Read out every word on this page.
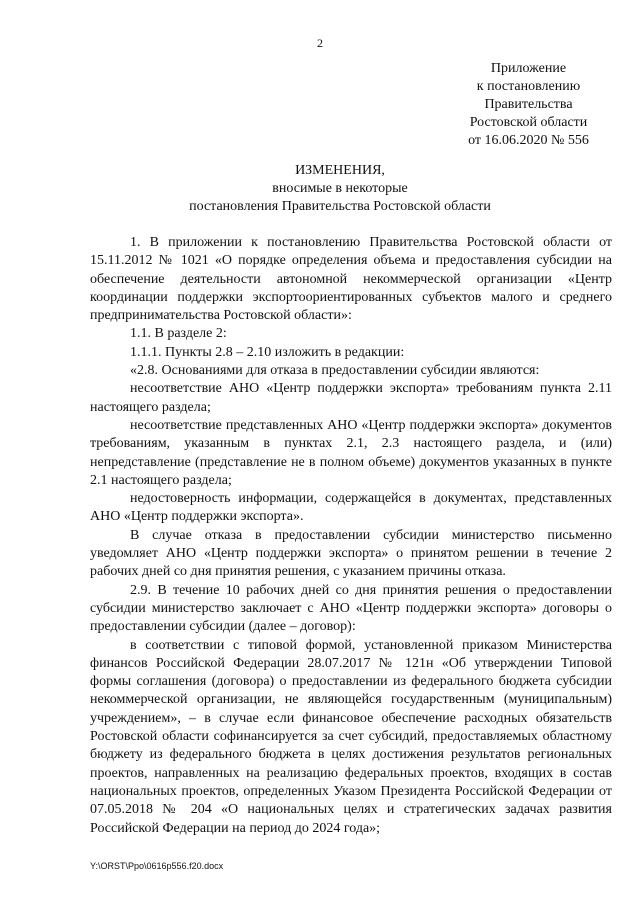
2
Приложение
к постановлению
Правительства
Ростовской области
от 16.06.2020 № 556
ИЗМЕНЕНИЯ,
вносимые в некоторые
постановления Правительства Ростовской области

1. В приложении к постановлению Правительства Ростовской области от 15.11.2012 № 1021 «О порядке определения объема и предоставления субсидии на обеспечение деятельности автономной некоммерческой организации «Центр координации поддержки экспортоориентированных субъектов малого и среднего предпринимательства Ростовской области»:

1.1. В разделе 2:

1.1.1. Пункты 2.8 – 2.10 изложить в редакции:

«2.8. Основаниями для отказа в предоставлении субсидии являются:

несоответствие АНО «Центр поддержки экспорта» требованиям пункта 2.11 настоящего раздела;

несоответствие представленных АНО «Центр поддержки экспорта» документов требованиям, указанным в пунктах 2.1, 2.3 настоящего раздела, и (или) непредставление (представление не в полном объеме) документов указанных в пункте 2.1 настоящего раздела;

недостоверность информации, содержащейся в документах, представленных АНО «Центр поддержки экспорта».

В случае отказа в предоставлении субсидии министерство письменно уведомляет АНО «Центр поддержки экспорта» о принятом решении в течение 2 рабочих дней со дня принятия решения, с указанием причины отказа.

2.9. В течение 10 рабочих дней со дня принятия решения о предоставлении субсидии министерство заключает с АНО «Центр поддержки экспорта» договоры о предоставлении субсидии (далее – договор):

в соответствии с типовой формой, установленной приказом Министерства финансов Российской Федерации 28.07.2017 № 121н «Об утверждении Типовой формы соглашения (договора) о предоставлении из федерального бюджета субсидии некоммерческой организации, не являющейся государственным (муниципальным) учреждением», – в случае если финансовое обеспечение расходных обязательств Ростовской области софинансируется за счет субсидий, предоставляемых областному бюджету из федерального бюджета в целях достижения результатов региональных проектов, направленных на реализацию федеральных проектов, входящих в состав национальных проектов, определенных Указом Президента Российской Федерации от 07.05.2018 № 204 «О национальных целях и стратегических задачах развития Российской Федерации на период до 2024 года»;

Y:\ORST\Ppo\0616p556.f20.docx
